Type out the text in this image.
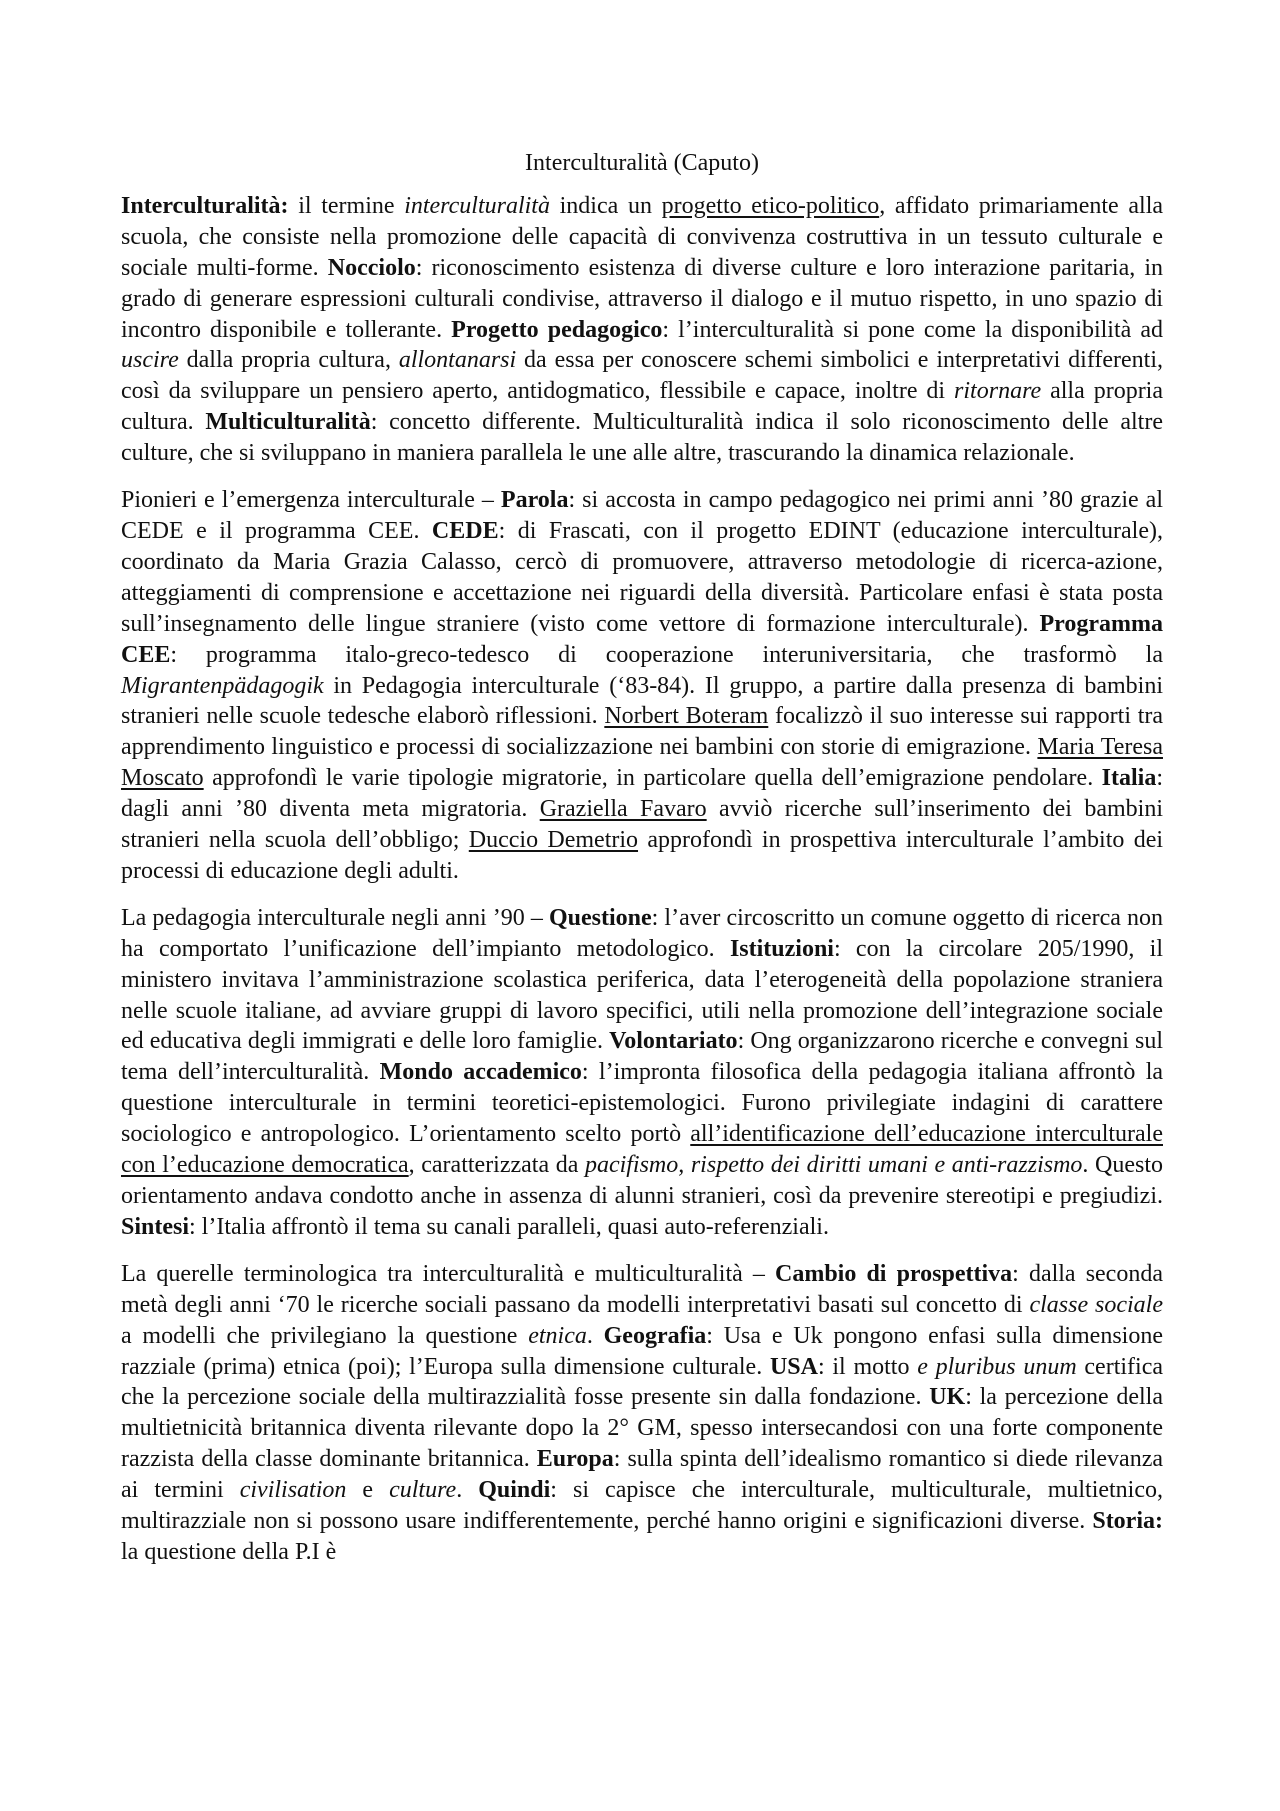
Interculturalità (Caputo)

Interculturalità: il termine interculturalità indica un progetto etico-politico, affidato primariamente alla scuola, che consiste nella promozione delle capacità di convivenza costruttiva in un tessuto culturale e sociale multi-forme. Nocciolo: riconoscimento esistenza di diverse culture e loro interazione paritaria, in grado di generare espressioni culturali condivise, attraverso il dialogo e il mutuo rispetto, in uno spazio di incontro disponibile e tollerante. Progetto pedagogico: l’interculturalità si pone come la disponibilità ad uscire dalla propria cultura, allontanarsi da essa per conoscere schemi simbolici e interpretativi differenti, così da sviluppare un pensiero aperto, antidogmatico, flessibile e capace, inoltre di ritornare alla propria cultura. Multiculturalità: concetto differente. Multiculturalità indica il solo riconoscimento delle altre culture, che si sviluppano in maniera parallela le une alle altre, trascurando la dinamica relazionale.

Pionieri e l’emergenza interculturale – Parola: si accosta in campo pedagogico nei primi anni ’80 grazie al CEDE e il programma CEE. CEDE: di Frascati, con il progetto EDINT (educazione interculturale), coordinato da Maria Grazia Calasso, cercò di promuovere, attraverso metodologie di ricerca-azione, atteggiamenti di comprensione e accettazione nei riguardi della diversità. Particolare enfasi è stata posta sull’insegnamento delle lingue straniere (visto come vettore di formazione interculturale). Programma CEE: programma italo-greco-tedesco di cooperazione interuniversitaria, che trasformò la Migrantenpädagogik in Pedagogia interculturale (‘83-84). Il gruppo, a partire dalla presenza di bambini stranieri nelle scuole tedesche elaborò riflessioni. Norbert Boteram focalizzò il suo interesse sui rapporti tra apprendimento linguistico e processi di socializzazione nei bambini con storie di emigrazione. Maria Teresa Moscato approfondì le varie tipologie migratorie, in particolare quella dell’emigrazione pendolare. Italia: dagli anni ’80 diventa meta migratoria. Graziella Favaro avviò ricerche sull’inserimento dei bambini stranieri nella scuola dell’obbligo; Duccio Demetrio approfondì in prospettiva interculturale l’ambito dei processi di educazione degli adulti.

La pedagogia interculturale negli anni ’90 – Questione: l’aver circoscritto un comune oggetto di ricerca non ha comportato l’unificazione dell’impianto metodologico. Istituzioni: con la circolare 205/1990, il ministero invitava l’amministrazione scolastica periferica, data l’eterogeneità della popolazione straniera nelle scuole italiane, ad avviare gruppi di lavoro specifici, utili nella promozione dell’integrazione sociale ed educativa degli immigrati e delle loro famiglie. Volontariato: Ong organizzarono ricerche e convegni sul tema dell’interculturalità. Mondo accademico: l’impronta filosofica della pedagogia italiana affrontò la questione interculturale in termini teoretici-epistemologici. Furono privilegiate indagini di carattere sociologico e antropologico. L’orientamento scelto portò all’identificazione dell’educazione interculturale con l’educazione democratica, caratterizzata da pacifismo, rispetto dei diritti umani e anti-razzismo. Questo orientamento andava condotto anche in assenza di alunni stranieri, così da prevenire stereotipi e pregiudizi. Sintesi: l’Italia affrontò il tema su canali paralleli, quasi auto-referenziali.

La querelle terminologica tra interculturalità e multiculturalità – Cambio di prospettiva: dalla seconda metà degli anni ‘70 le ricerche sociali passano da modelli interpretativi basati sul concetto di classe sociale a modelli che privilegiano la questione etnica. Geografia: Usa e Uk pongono enfasi sulla dimensione razziale (prima) etnica (poi); l’Europa sulla dimensione culturale. USA: il motto e pluribus unum certifica che la percezione sociale della multirazzialità fosse presente sin dalla fondazione. UK: la percezione della multietnicità britannica diventa rilevante dopo la 2° GM, spesso intersecandosi con una forte componente razzista della classe dominante britannica. Europa: sulla spinta dell’idealismo romantico si diede rilevanza ai termini civilisation e culture. Quindi: si capisce che interculturale, multiculturale, multietnico, multirazziale non si possono usare indifferentemente, perché hanno origini e significazioni diverse. Storia: la questione della P.I è
